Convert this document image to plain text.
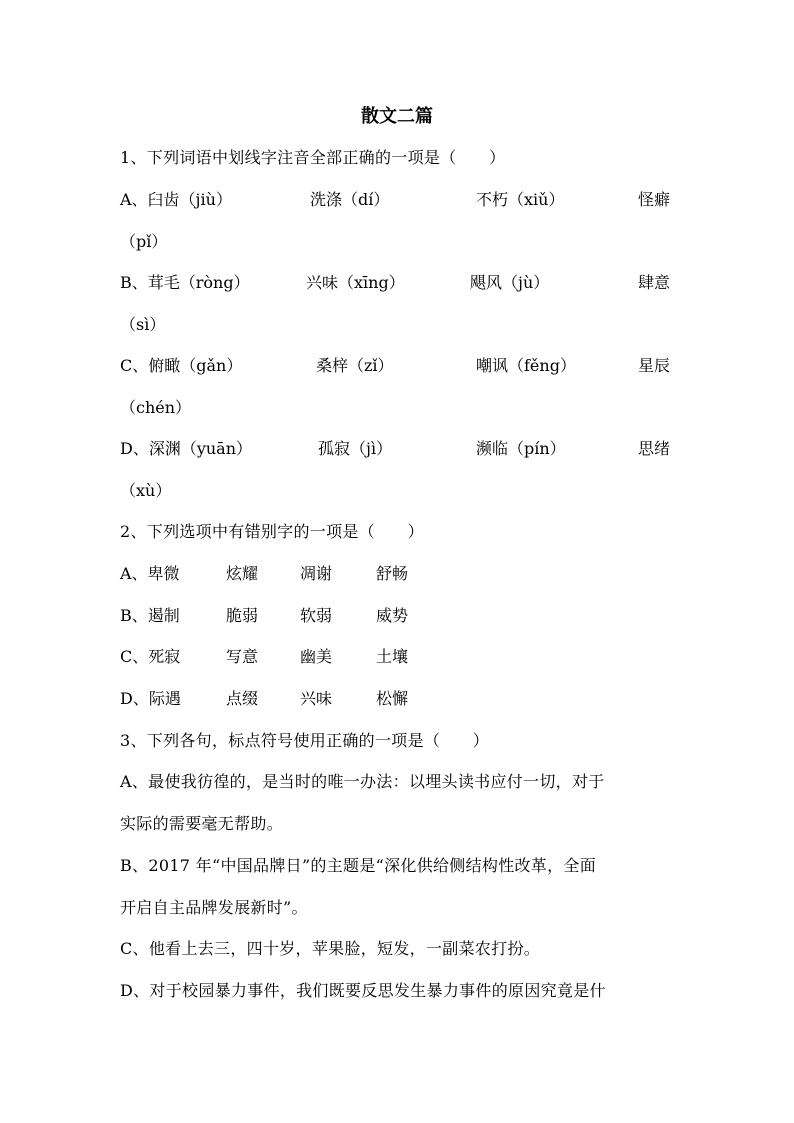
散文二篇
1、下列词语中划线字注音全部正确的一项是（　　）
A、臼齿（jiù）	洗涤（dí）	不朽（xiǔ）	怪癖
（pǐ）
B、茸毛（ròng）	兴味（xīng）	飓风（jù）	肆意
（sì）
C、俯瞰（gǎn）	桑梓（zǐ）	嘲讽（fěng）	星辰
（chén）
D、深渊（yuān）	孤寂（jì）	濒临（pín）	思绪
（xù）
2、下列选项中有错别字的一项是（　　）
A、卑微	炫耀	凋谢	舒畅
B、遏制	脆弱	软弱	威势
C、死寂	写意	幽美	土壤
D、际遇	点缀	兴味	松懈
3、下列各句，标点符号使用正确的一项是（　　）
A、最使我彷徨的，是当时的唯一办法：以埋头读书应付一切，对于
实际的需要毫无帮助。
B、2017 年“中国品牌日”的主题是“深化供给侧结构性改革，全面
开启自主品牌发展新时”。
C、他看上去三，四十岁，苹果脸，短发，一副菜农打扮。
D、对于校园暴力事件，我们既要反思发生暴力事件的原因究竟是什
